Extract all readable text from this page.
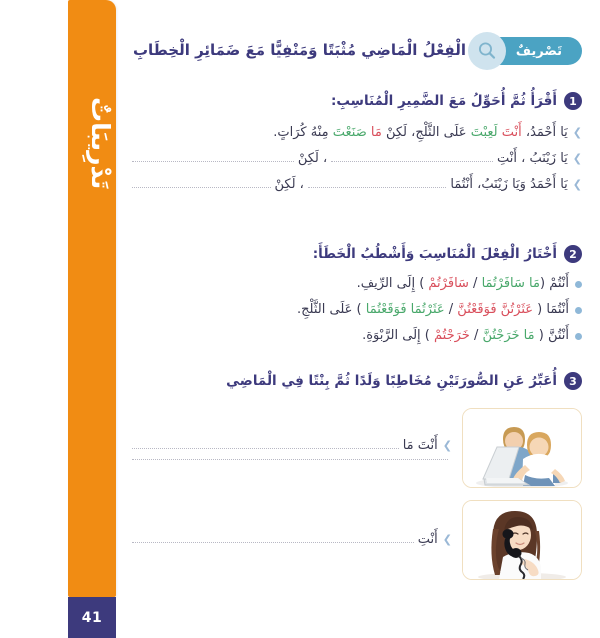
تَدْرِيبَاتٌ
41
تَصْريفٌ
الْفِعْلُ الْمَاضِي مُثْبَتًا وَمَنْفِيًّا مَعَ ضَمَائِرِ الْخِطَابِ
1
أَقْرَأُ ثُمَّ أُحَوِّلُ مَعَ الضَّمِيرِ الْمُنَاسِبِ:
❯
يَا أَحْمَدُ، أَنْتَ لَعِبْتَ عَلَى الثَّلْجِ، لَكِنْ مَا صَنَعْتَ مِنْهُ كُرَاتٍ.
❯
يَا زَيْنَبُ ، أَنْتِ
، لَكِنْ
❯
يَا أَحْمَدُ وَيَا زَيْنَبُ، أَنْتُمَا
، لَكِنْ
2
أَخْتَارُ الْفِعْلَ الْمُنَاسِبَ وَأَشْطُبُ الْخَطَأَ:
أَنْتُمْ (مَا سَافَرْتُمَا / سَافَرْتُمْ ) إِلَى الرِّيفِ.
أَنْتُمَا ( عَثَرْتُنَّ فَوَقَعْتُنَّ / عَثَرْتُمَا فَوَقَعْتُمَا ) عَلَى الثَّلْجِ.
أَنْتُنَّ ( مَا خَرَجْتُنَّ / خَرَجْتُمْ ) إِلَى الرَّبْوَةِ.
3
أُعَبِّرُ عَنِ الصُّورَتَيْنِ مُخَاطِبًا وَلَدًا ثُمَّ بِنْتًا فِي الْمَاضِي
❯
أَنْتَ مَا
❯
أَنْتِ
